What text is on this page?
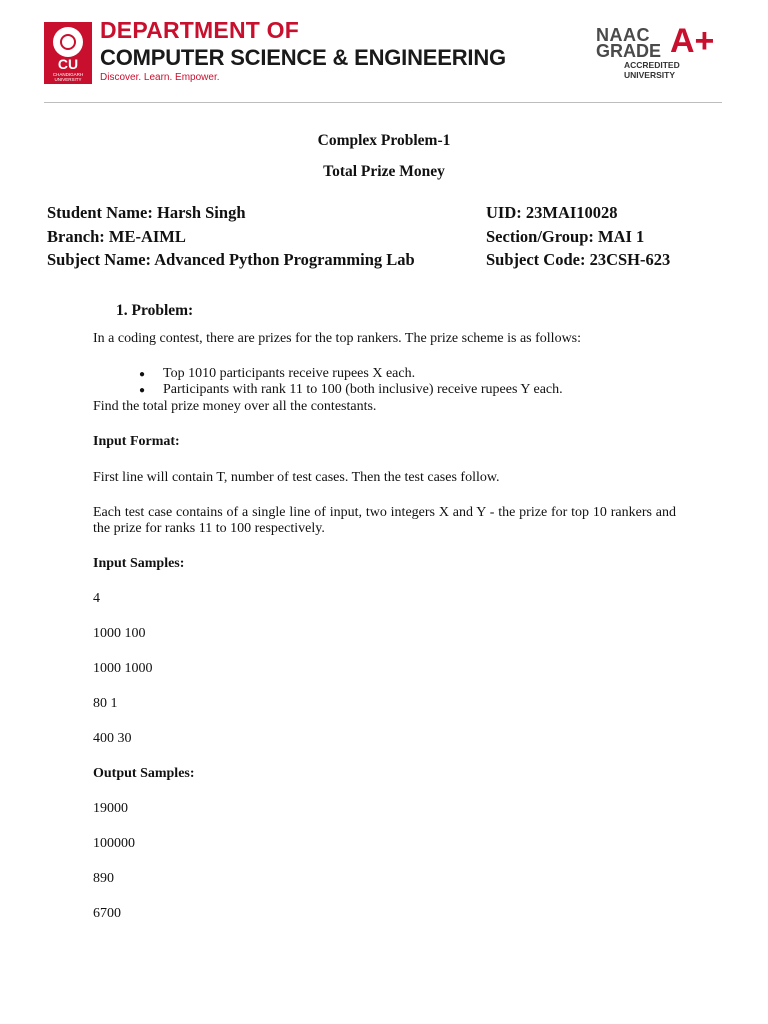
CU
CHANDIGARH UNIVERSITY
DEPARTMENT OF
COMPUTER SCIENCE & ENGINEERING
Discover. Learn. Empower.
NAAC
GRADE A+
ACCREDITED UNIVERSITY
Complex Problem-1
Total Prize Money
Student Name: Harsh Singh	UID: 23MAI10028
Branch: ME-AIML	Section/Group: MAI 1
Subject Name: Advanced Python Programming Lab	Subject Code: 23CSH-623
1. Problem:
In a coding contest, there are prizes for the top rankers. The prize scheme is as follows:
● Top 1010 participants receive rupees X each.
● Participants with rank 11 to 100 (both inclusive) receive rupees Y each.
Find the total prize money over all the contestants.
Input Format:
First line will contain T, number of test cases. Then the test cases follow.
Each test case contains of a single line of input, two integers X and Y - the prize for top 10 rankers and the prize for ranks 11 to 100 respectively.
Input Samples:
4
1000 100
1000 1000
80 1
400 30
Output Samples:
19000
100000
890
6700
